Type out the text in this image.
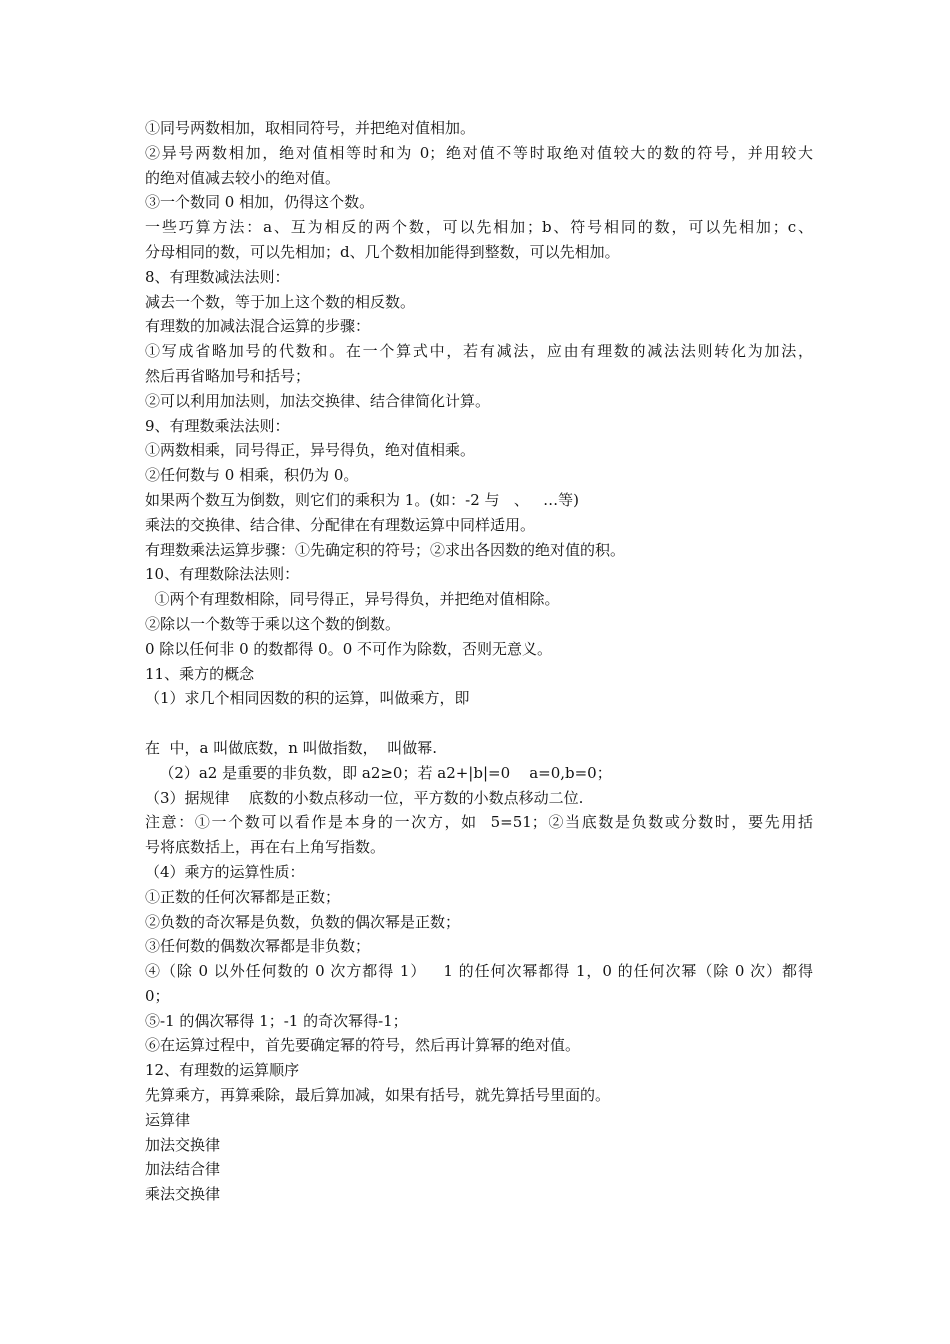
①同号两数相加，取相同符号，并把绝对值相加。
②异号两数相加，绝对值相等时和为 0；绝对值不等时取绝对值较大的数的符号，并用较大
的绝对值减去较小的绝对值。
③一个数同 0 相加，仍得这个数。
一些巧算方法：a、互为相反的两个数，可以先相加；b、符号相同的数，可以先相加；c、
分母相同的数，可以先相加；d、几个数相加能得到整数，可以先相加。
8、有理数减法法则：
减去一个数，等于加上这个数的相反数。
有理数的加减法混合运算的步骤：
①写成省略加号的代数和。在一个算式中，若有减法，应由有理数的减法法则转化为加法，
然后再省略加号和括号；
②可以利用加法则，加法交换律、结合律简化计算。
9、有理数乘法法则：
①两数相乘，同号得正，异号得负，绝对值相乘。
②任何数与 0 相乘，积仍为 0。
如果两个数互为倒数，则它们的乘积为 1。(如：-2 与   、   …等)
乘法的交换律、结合律、分配律在有理数运算中同样适用。
有理数乘法运算步骤：①先确定积的符号；②求出各因数的绝对值的积。
10、有理数除法法则：
①两个有理数相除，同号得正，异号得负，并把绝对值相除。
②除以一个数等于乘以这个数的倒数。
0 除以任何非 0 的数都得 0。0 不可作为除数，否则无意义。
11、乘方的概念
（1）求几个相同因数的积的运算，叫做乘方，即
在  中，a 叫做底数，n 叫做指数，  叫做幂.
（2）a2 是重要的非负数，即 a2≥0；若 a2+|b|=0    a=0,b=0；
（3）据规律    底数的小数点移动一位，平方数的小数点移动二位.
注意：①一个数可以看作是本身的一次方，如  5=51；②当底数是负数或分数时，要先用括
号将底数括上，再在右上角写指数。
（4）乘方的运算性质：
①正数的任何次幂都是正数；
②负数的奇次幂是负数，负数的偶次幂是正数；
③任何数的偶数次幂都是非负数；
④（除 0 以外任何数的 0 次方都得 1）   1 的任何次幂都得 1，0 的任何次幂（除 0 次）都得
0；
⑤-1 的偶次幂得 1；-1 的奇次幂得-1；
⑥在运算过程中，首先要确定幂的符号，然后再计算幂的绝对值。
12、有理数的运算顺序
先算乘方，再算乘除，最后算加减，如果有括号，就先算括号里面的。
运算律
加法交换律
加法结合律
乘法交换律
